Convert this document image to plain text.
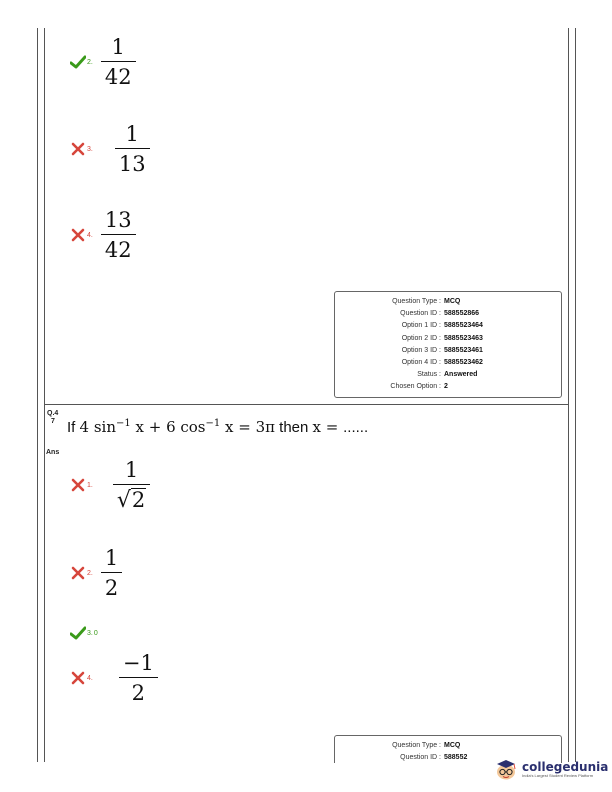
2. $\frac{1}{42}$
3. $\frac{1}{13}$
4. $\frac{13}{42}$
Question Type : MCQ
Question ID : 588552866
Option 1 ID : 5885523464
Option 2 ID : 5885523463
Option 3 ID : 5885523461
Option 4 ID : 5885523462
Status : Answered
Chosen Option : 2
Q.4
7 If 4 $\sin^{-1} x + 6$ $\cos^{-1} x = 3\pi$ then x = ......
Ans
1. $\frac{1}{√ 2}$
2. $\frac{1}{2}$
3. 0
4. $\frac{-1}{2}$
Question Type : MCQ
Question ID : 588552
collegedunia
India's Largest Student Review Platform
